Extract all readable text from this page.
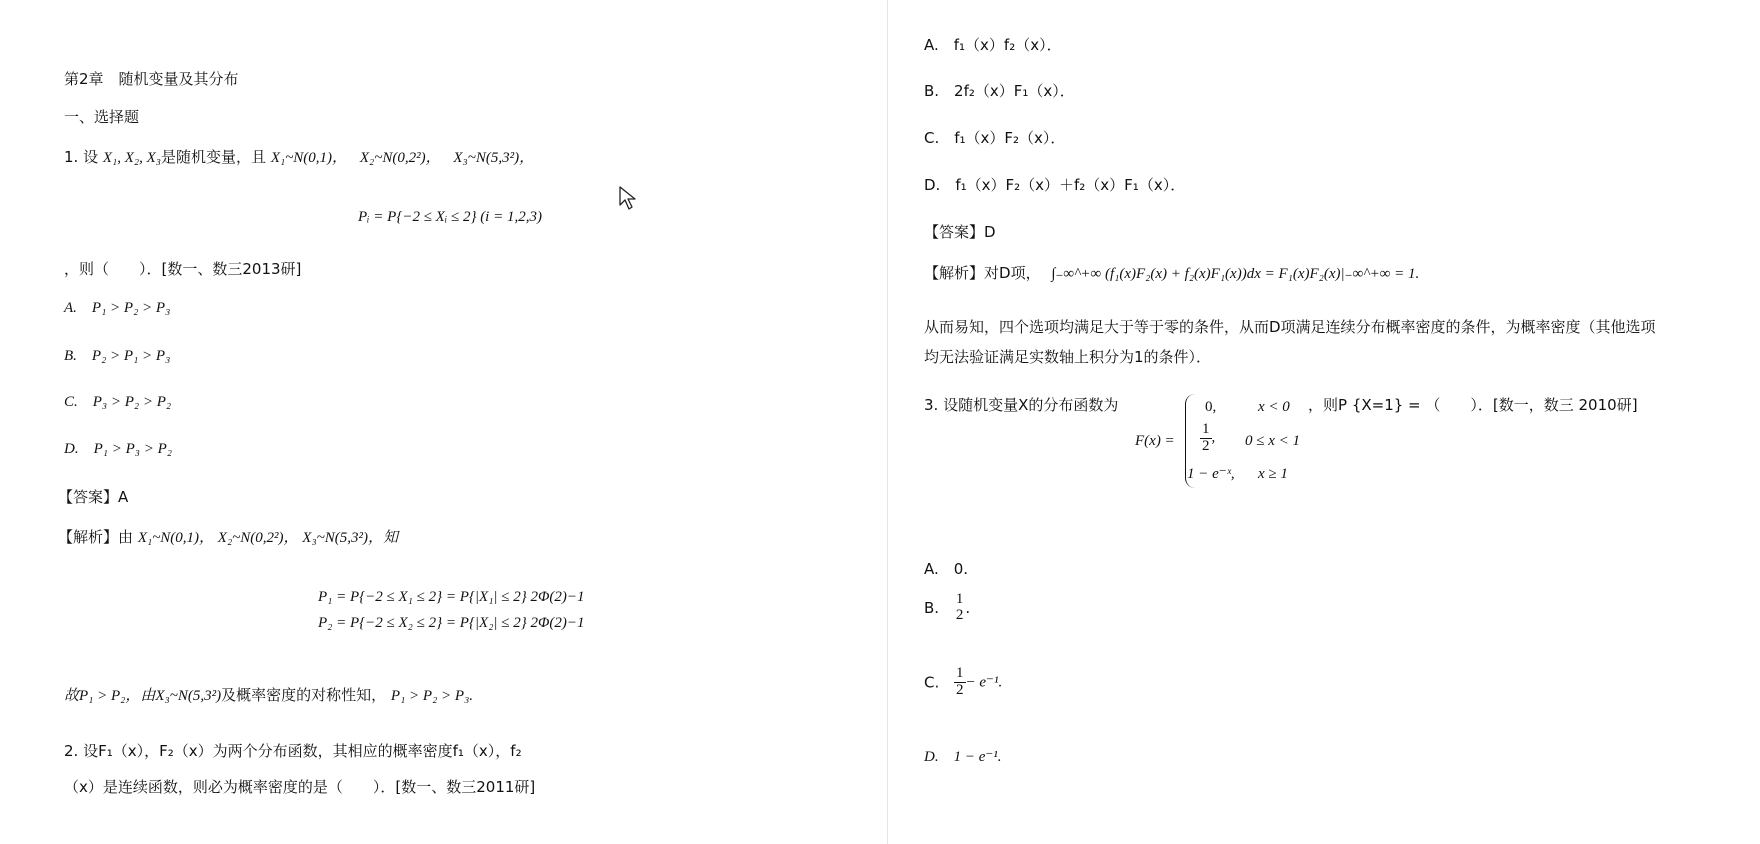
第2章　随机变量及其分布
一、选择题
1. 设 X₁, X₂, X₃是随机变量，且 X₁~N(0,1)， X₂~N(0,2²)， X₃~N(5,3²)，
Pᵢ = P{−2 ≤ Xᵢ ≤ 2} (i = 1,2,3)
，则（　　）．[数一、数三2013研]
A.　P₁ > P₂ > P₃
B.　P₂ > P₁ > P₃
C.　P₃ > P₂ > P₂
D.　P₁ > P₃ > P₂
【答案】A
【解析】由 X₁~N(0,1)， X₂~N(0,2²)， X₃~N(5,3²)，知
P₁ = P{−2 ≤ X₁ ≤ 2} = P{|X₁| ≤ 2} 2Φ(2)−1
P₂ = P{−2 ≤ X₂ ≤ 2} = P{|X₂| ≤ 2} 2Φ(2)−1
故P₁ > P₂，由X₃~N(5,3²)及概率密度的对称性知， P₁ > P₂ > P₃.
2. 设F₁（x），F₂（x）为两个分布函数，其相应的概率密度f₁（x），f₂
（x）是连续函数，则必为概率密度的是（　　）．[数一、数三2011研]
A.　f₁（x）f₂（x）．
B.　2f₂（x）F₁（x）．
C.　f₁（x）F₂（x）．
D.　f₁（x）F₂（x）＋f₂（x）F₁（x）．
【答案】D
【解析】对D项， ∫₋∞^+∞ (f₁(x)F₂(x) + f₂(x)F₁(x))dx = F₁(x)F₂(x)|₋∞^+∞ = 1.
从而易知，四个选项均满足大于等于零的条件，从而D项满足连续分布概率密度的条件，为概率密度（其他选项
均无法验证满足实数轴上积分为1的条件）．
3. 设随机变量X的分布函数为	，则P {X=1} = （　　）．[数一，数三 2010研]
F(x) =
0,	x < 0
$\frac{1}{2}$ , 0 ≤ x < 1
1 − e⁻ˣ, x ≥ 1
A.　0.
B. 1
2 .
C. $\frac{1}{2} - e^{-1}$.
D.　1 − e⁻¹.
